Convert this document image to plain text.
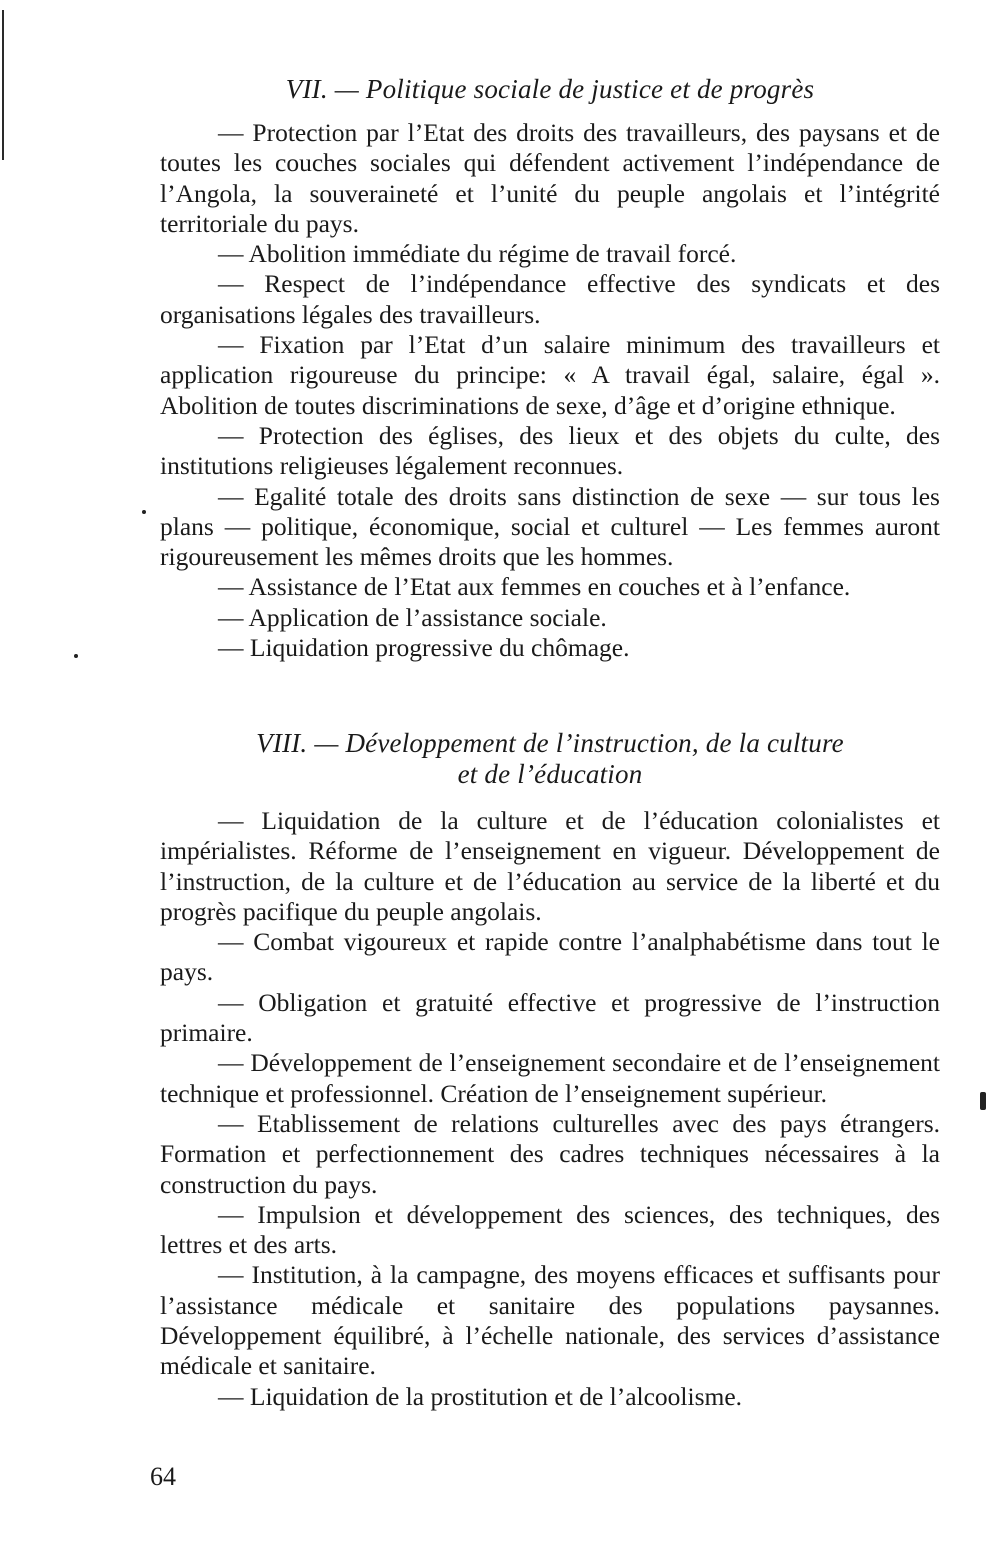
VII. — Politique sociale de justice et de progrès

— Protection par l’Etat des droits des travailleurs, des paysans et de toutes les couches sociales qui défendent activement l’indépendance de l’Angola, la souveraineté et l’unité du peuple angolais et l’intégrité territoriale du pays.

— Abolition immédiate du régime de travail forcé.

— Respect de l’indépendance effective des syndicats et des organisations légales des travailleurs.

— Fixation par l’Etat d’un salaire minimum des travailleurs et application rigoureuse du principe: « A travail égal, salaire, égal ». Abolition de toutes discriminations de sexe, d’âge et d’origine ethnique.

— Protection des églises, des lieux et des objets du culte, des institutions religieuses légalement reconnues.

— Egalité totale des droits sans distinction de sexe — sur tous les plans — politique, économique, social et culturel — Les femmes auront rigoureusement les mêmes droits que les hommes.

— Assistance de l’Etat aux femmes en couches et à l’enfance.

— Application de l’assistance sociale.

— Liquidation progressive du chômage.

VIII. — Développement de l’instruction, de la culture
et de l’éducation

— Liquidation de la culture et de l’éducation colonialistes et impérialistes. Réforme de l’enseignement en vigueur. Développement de l’instruction, de la culture et de l’éducation au service de la liberté et du progrès pacifique du peuple angolais.

— Combat vigoureux et rapide contre l’analphabétisme dans tout le pays.

— Obligation et gratuité effective et progressive de l’instruction primaire.

— Développement de l’enseignement secondaire et de l’enseignement technique et professionnel. Création de l’enseignement supérieur.

— Etablissement de relations culturelles avec des pays étrangers. Formation et perfectionnement des cadres techniques nécessaires à la construction du pays.

— Impulsion et développement des sciences, des techniques, des lettres et des arts.

— Institution, à la campagne, des moyens efficaces et suffisants pour l’assistance médicale et sanitaire des populations paysannes. Développement équilibré, à l’échelle nationale, des services d’assistance médicale et sanitaire.

— Liquidation de la prostitution et de l’alcoolisme.

64
